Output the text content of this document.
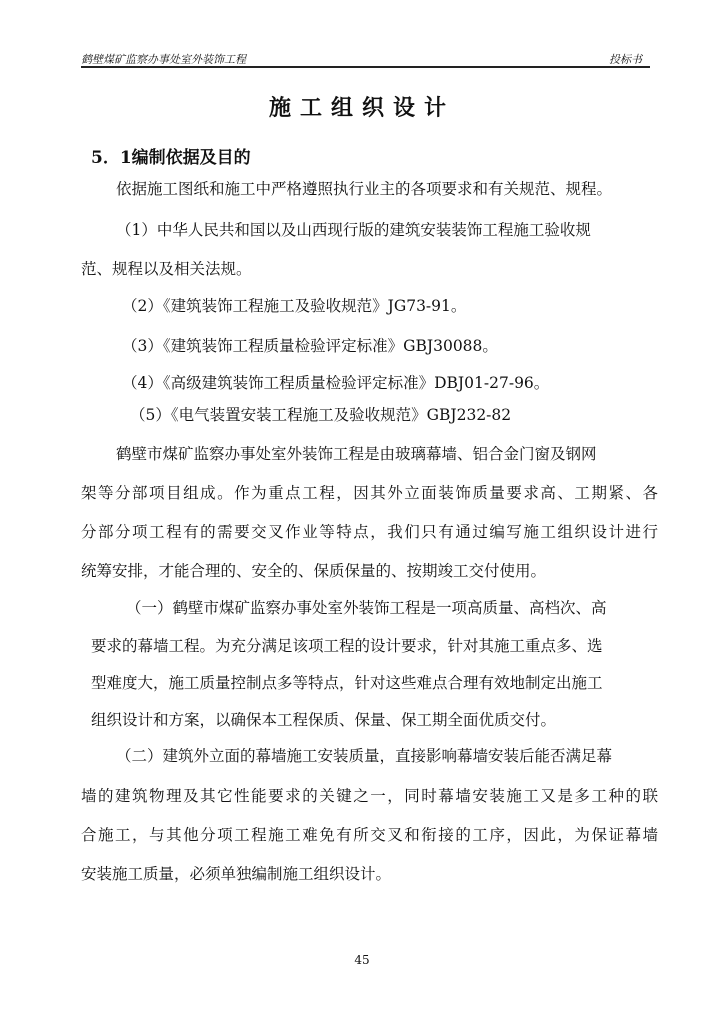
鹤壁煤矿监察办事处室外装饰工程	投标书
施工组织设计
5．1编制依据及目的
依据施工图纸和施工中严格遵照执行业主的各项要求和有关规范、规程。
（1）中华人民共和国以及山西现行版的建筑安装装饰工程施工验收规
范、规程以及相关法规。
（2）《建筑装饰工程施工及验收规范》JG73-91。
（3）《建筑装饰工程质量检验评定标准》GBJ30088。
（4）《高级建筑装饰工程质量检验评定标准》DBJ01-27-96。
（5）《电气装置安装工程施工及验收规范》GBJ232-82
鹤壁市煤矿监察办事处室外装饰工程是由玻璃幕墙、铝合金门窗及钢网
架等分部项目组成。作为重点工程，因其外立面装饰质量要求高、工期紧、各
分部分项工程有的需要交叉作业等特点，我们只有通过编写施工组织设计进行
统筹安排，才能合理的、安全的、保质保量的、按期竣工交付使用。
（一）鹤壁市煤矿监察办事处室外装饰工程是一项高质量、高档次、高
要求的幕墙工程。为充分满足该项工程的设计要求，针对其施工重点多、选
型难度大，施工质量控制点多等特点，针对这些难点合理有效地制定出施工
组织设计和方案，以确保本工程保质、保量、保工期全面优质交付。
（二）建筑外立面的幕墙施工安装质量，直接影响幕墙安装后能否满足幕
墙的建筑物理及其它性能要求的关键之一，同时幕墙安装施工又是多工种的联
合施工，与其他分项工程施工难免有所交叉和衔接的工序，因此，为保证幕墙
安装施工质量，必须单独编制施工组织设计。
45
